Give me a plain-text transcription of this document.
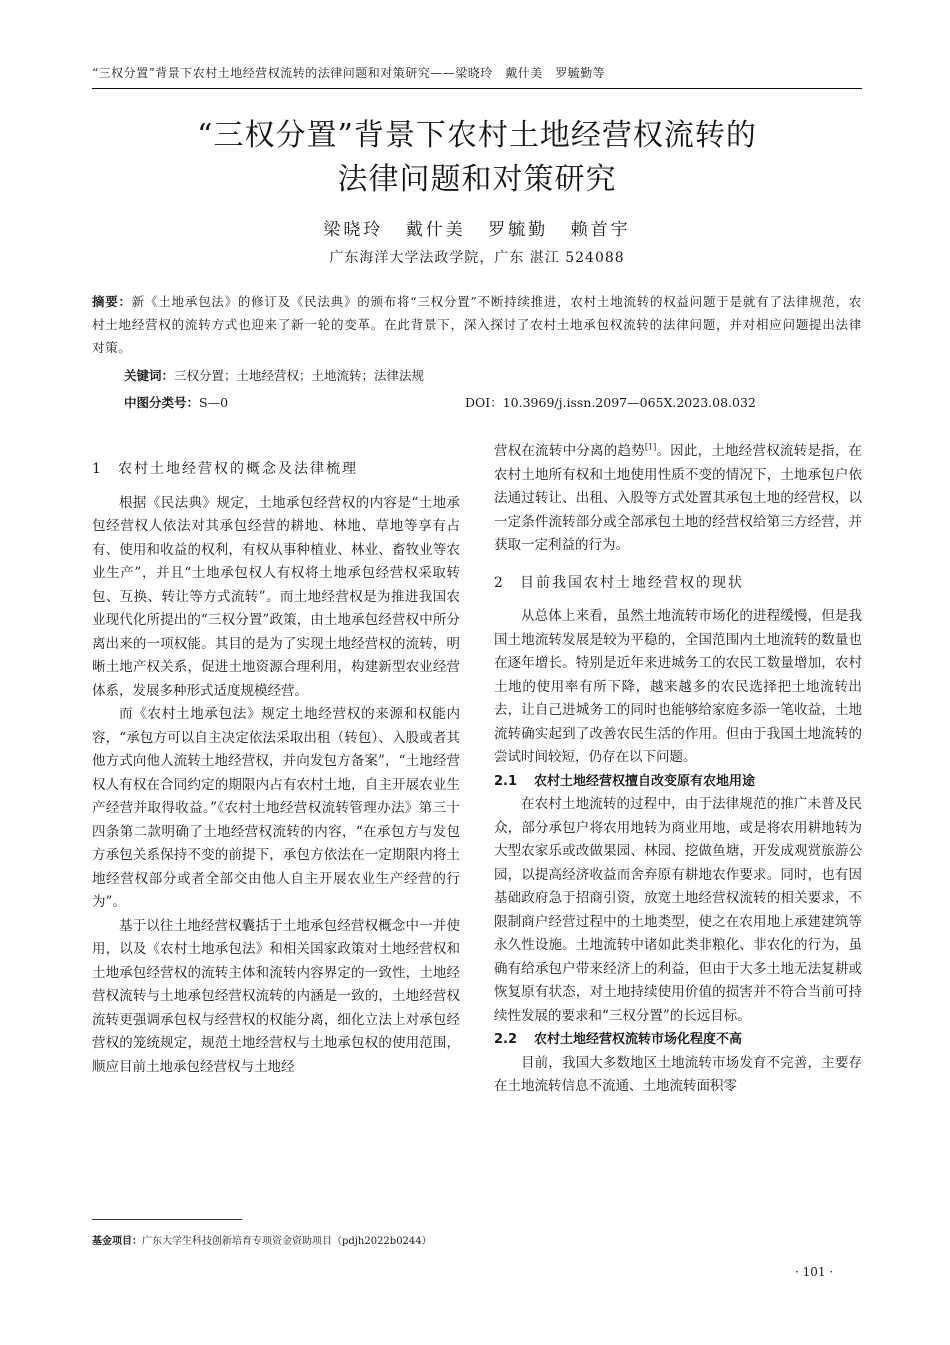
“三权分置”背景下农村土地经营权流转的法律问题和对策研究——梁晓玲　戴什美　罗毓勤等
“三权分置”背景下农村土地经营权流转的
法律问题和对策研究
梁晓玲 戴什美 罗毓勤 赖首宇
广东海洋大学法政学院，广东 湛江 524088
摘要：新《土地承包法》的修订及《民法典》的颁布将“三权分置”不断持续推进，农村土地流转的权益问题于是就有了法律规范，农村土地经营权的流转方式也迎来了新一轮的变革。在此背景下，深入探讨了农村土地承包权流转的法律问题，并对相应问题提出法律对策。
关键词：三权分置；土地经营权；土地流转；法律法规
中图分类号：S—0	DOI：10.3969/j.issn.2097—065X.2023.08.032

1 农村土地经营权的概念及法律梳理

根据《民法典》规定，土地承包经营权的内容是“土地承包经营权人依法对其承包经营的耕地、林地、草地等享有占有、使用和收益的权利，有权从事种植业、林业、畜牧业等农业生产”，并且“土地承包权人有权将土地承包经营权采取转包、互换、转让等方式流转”。而土地经营权是为推进我国农业现代化所提出的“三权分置”政策，由土地承包经营权中所分离出来的一项权能。其目的是为了实现土地经营权的流转，明晰土地产权关系，促进土地资源合理利用，构建新型农业经营体系，发展多种形式适度规模经营。

而《农村土地承包法》规定土地经营权的来源和权能内容，“承包方可以自主决定依法采取出租（转包）、入股或者其他方式向他人流转土地经营权，并向发包方备案”，“土地经营权人有权在合同约定的期限内占有农村土地，自主开展农业生产经营并取得收益。”《农村土地经营权流转管理办法》第三十四条第二款明确了土地经营权流转的内容，“在承包方与发包方承包关系保持不变的前提下，承包方依法在一定期限内将土地经营权部分或者全部交由他人自主开展农业生产经营的行为”。

基于以往土地经营权囊括于土地承包经营权概念中一并使用，以及《农村土地承包法》和相关国家政策对土地经营权和土地承包经营权的流转主体和流转内容界定的一致性，土地经营权流转与土地承包经营权流转的内涵是一致的，土地经营权流转更强调承包权与经营权的权能分离，细化立法上对承包经营权的笼统规定，规范土地经营权与土地承包权的使用范围，顺应目前土地承包经营权与土地经

营权在流转中分离的趋势[1]。因此，土地经营权流转是指，在农村土地所有权和土地使用性质不变的情况下，土地承包户依法通过转让、出租、入股等方式处置其承包土地的经营权，以一定条件流转部分或全部承包土地的经营权给第三方经营，并获取一定利益的行为。

2 目前我国农村土地经营权的现状

从总体上来看，虽然土地流转市场化的进程缓慢，但是我国土地流转发展是较为平稳的，全国范围内土地流转的数量也在逐年增长。特别是近年来进城务工的农民工数量增加，农村土地的使用率有所下降，越来越多的农民选择把土地流转出去，让自己进城务工的同时也能够给家庭多添一笔收益，土地流转确实起到了改善农民生活的作用。但由于我国土地流转的尝试时间较短，仍存在以下问题。

2.1 农村土地经营权擅自改变原有农地用途

在农村土地流转的过程中，由于法律规范的推广未普及民众，部分承包户将农用地转为商业用地，或是将农用耕地转为大型农家乐或改做果园、林园、挖做鱼塘，开发成观赏旅游公园，以提高经济收益而舍弃原有耕地农作要求。同时，也有因基础政府急于招商引资，放宽土地经营权流转的相关要求，不限制商户经营过程中的土地类型，使之在农用地上承建建筑等永久性设施。土地流转中诸如此类非粮化、非农化的行为，虽确有给承包户带来经济上的利益，但由于大多土地无法复耕或恢复原有状态，对土地持续使用价值的损害并不符合当前可持续性发展的要求和“三权分置”的长远目标。

2.2 农村土地经营权流转市场化程度不高

目前，我国大多数地区土地流转市场发育不完善，主要存在土地流转信息不流通、土地流转面积零

基金项目：广东大学生科技创新培育专项资金资助项目（pdjh2022b0244）
· 101 ·
